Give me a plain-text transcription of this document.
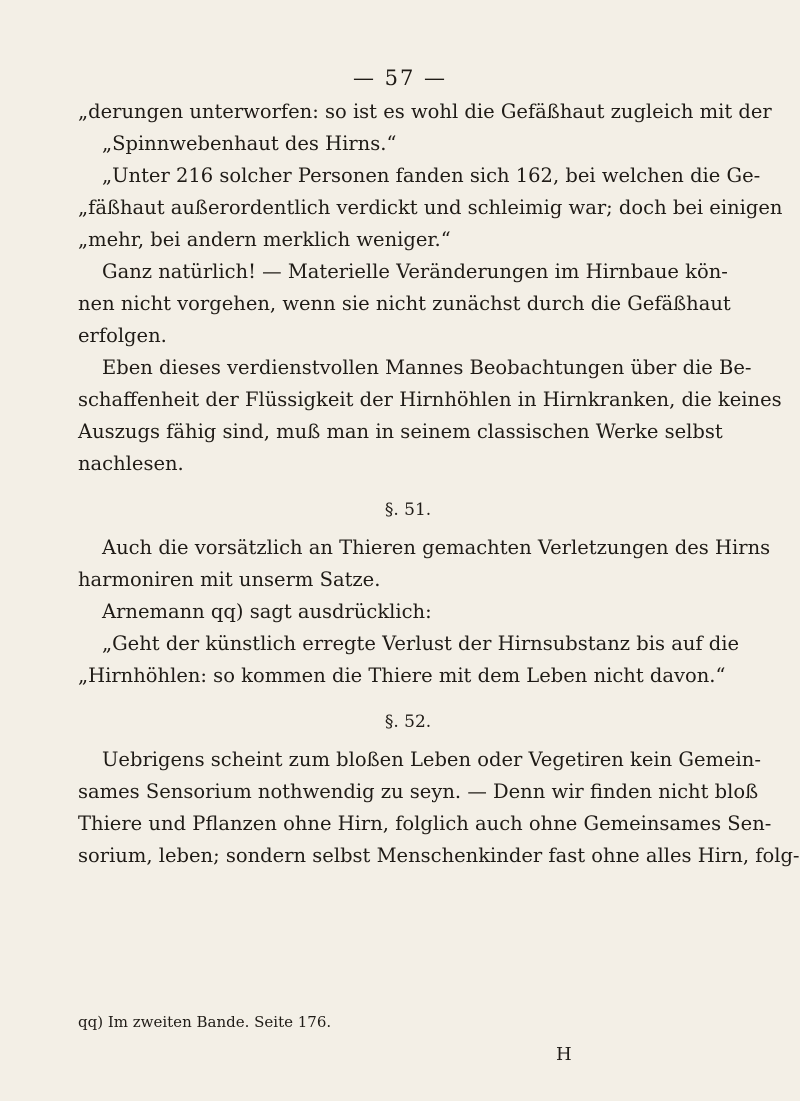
— 57 —
„derungen unterworfen: so ist es wohl die Gefäßhaut zugleich mit der
„Spinnwebenhaut des Hirns.“
„Unter 216 solcher Personen fanden sich 162, bei welchen die Ge-
„fäßhaut außerordentlich verdickt und schleimig war; doch bei einigen
„mehr, bei andern merklich weniger.“
Ganz natürlich! — Materielle Veränderungen im Hirnbaue kön-
nen nicht vorgehen, wenn sie nicht zunächst durch die Gefäßhaut
erfolgen.
Eben dieses verdienstvollen Mannes Beobachtungen über die Be-
schaffenheit der Flüssigkeit der Hirnhöhlen in Hirnkranken, die keines
Auszugs fähig sind, muß man in seinem classischen Werke selbst
nachlesen.
§. 51.
Auch die vorsätzlich an Thieren gemachten Verletzungen des Hirns
harmoniren mit unserm Satze.
Arnemann qq) sagt ausdrücklich:
„Geht der künstlich erregte Verlust der Hirnsubstanz bis auf die
„Hirnhöhlen: so kommen die Thiere mit dem Leben nicht davon.“
§. 52.
Uebrigens scheint zum bloßen Leben oder Vegetiren kein Gemein-
sames Sensorium nothwendig zu seyn. — Denn wir finden nicht bloß
Thiere und Pflanzen ohne Hirn, folglich auch ohne Gemeinsames Sen-
sorium, leben; sondern selbst Menschenkinder fast ohne alles Hirn, folg-
qq) Im zweiten Bande. Seite 176.
H
